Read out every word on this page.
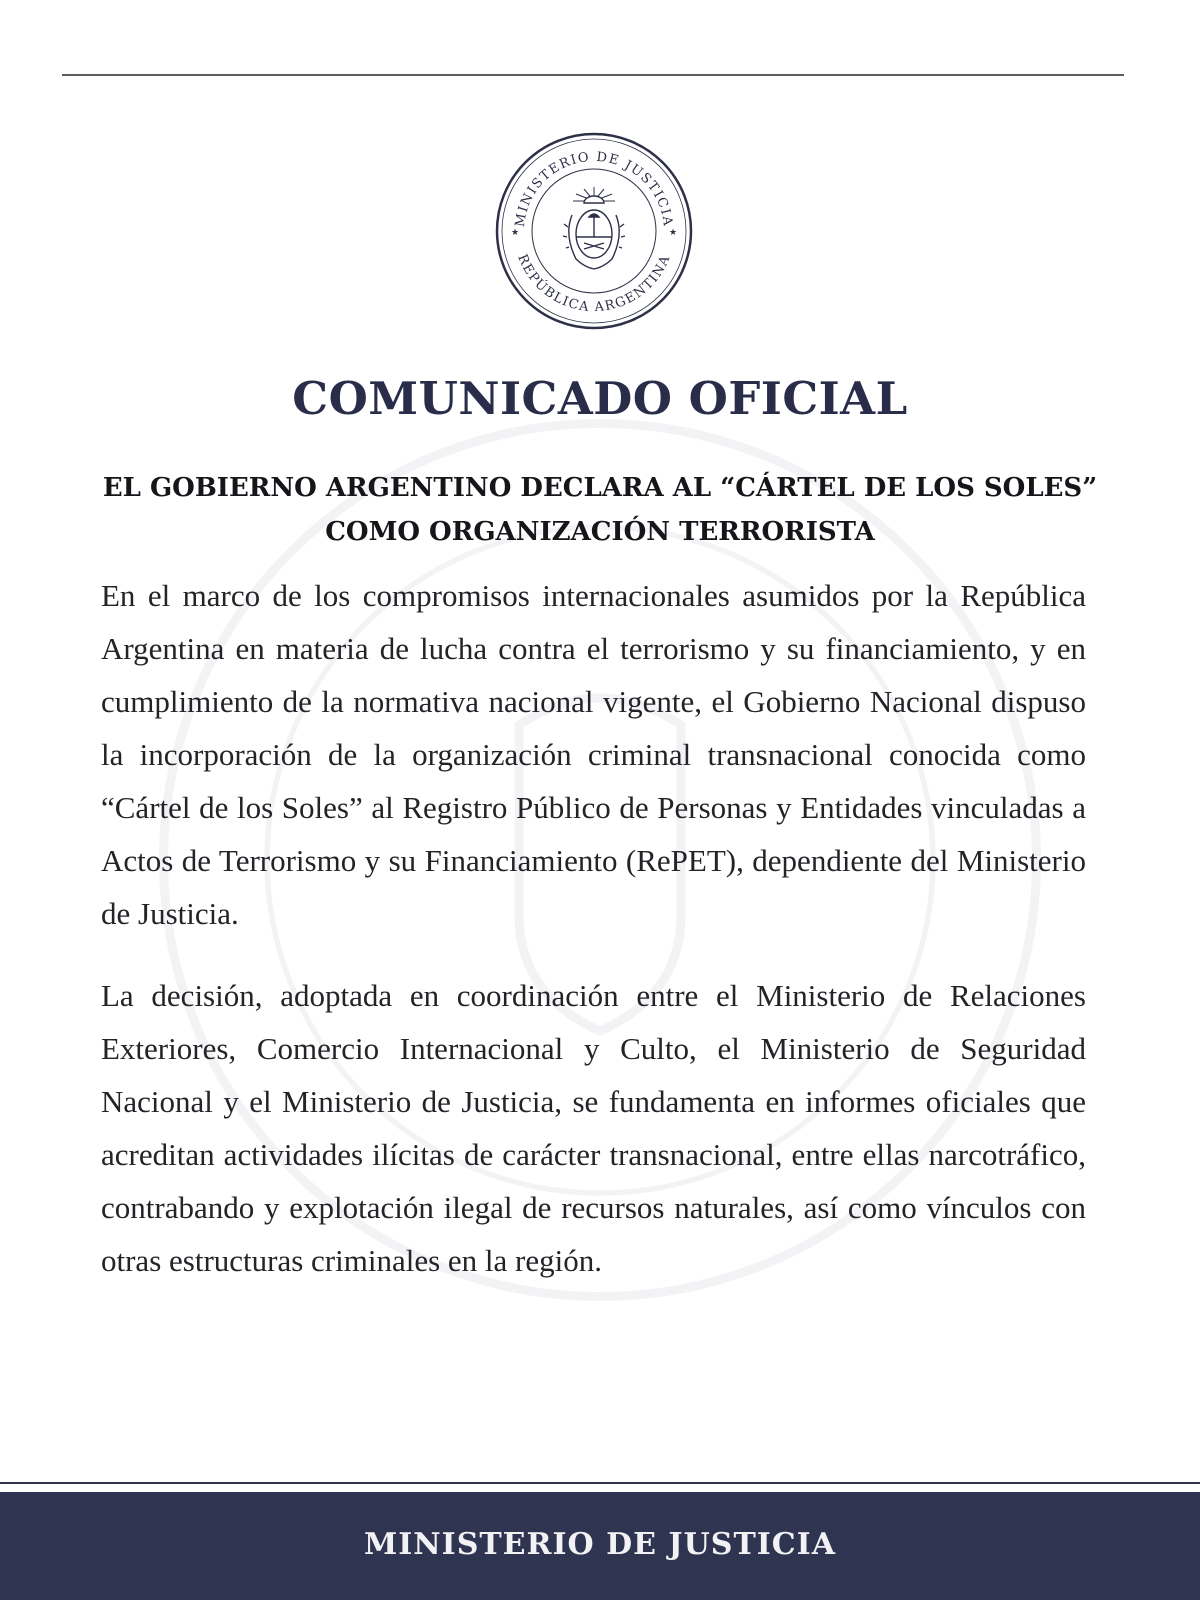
MINISTERIO DE JUSTICIA
REPÚBLICA ARGENTINA
★	★
COMUNICADO OFICIAL
EL GOBIERNO ARGENTINO DECLARA AL “CÁRTEL DE LOS SOLES”
COMO ORGANIZACIÓN TERRORISTA

En el marco de los compromisos internacionales asumidos por la República Argentina en materia de lucha contra el terrorismo y su financiamiento, y en cumplimiento de la normativa nacional vigente, el Gobierno Nacional dispuso la incorporación de la organización criminal transnacional conocida como “Cártel de los Soles” al Registro Público de Personas y Entidades vinculadas a Actos de Terrorismo y su Financiamiento (RePET), dependiente del Ministerio de Justicia.

La decisión, adoptada en coordinación entre el Ministerio de Relaciones Exteriores, Comercio Internacional y Culto, el Ministerio de Seguridad Nacional y el Ministerio de Justicia, se fundamenta en informes oficiales que acreditan actividades ilícitas de carácter transnacional, entre ellas narcotráfico, contrabando y explotación ilegal de recursos naturales, así como vínculos con otras estructuras criminales en la región.

MINISTERIO DE JUSTICIA
